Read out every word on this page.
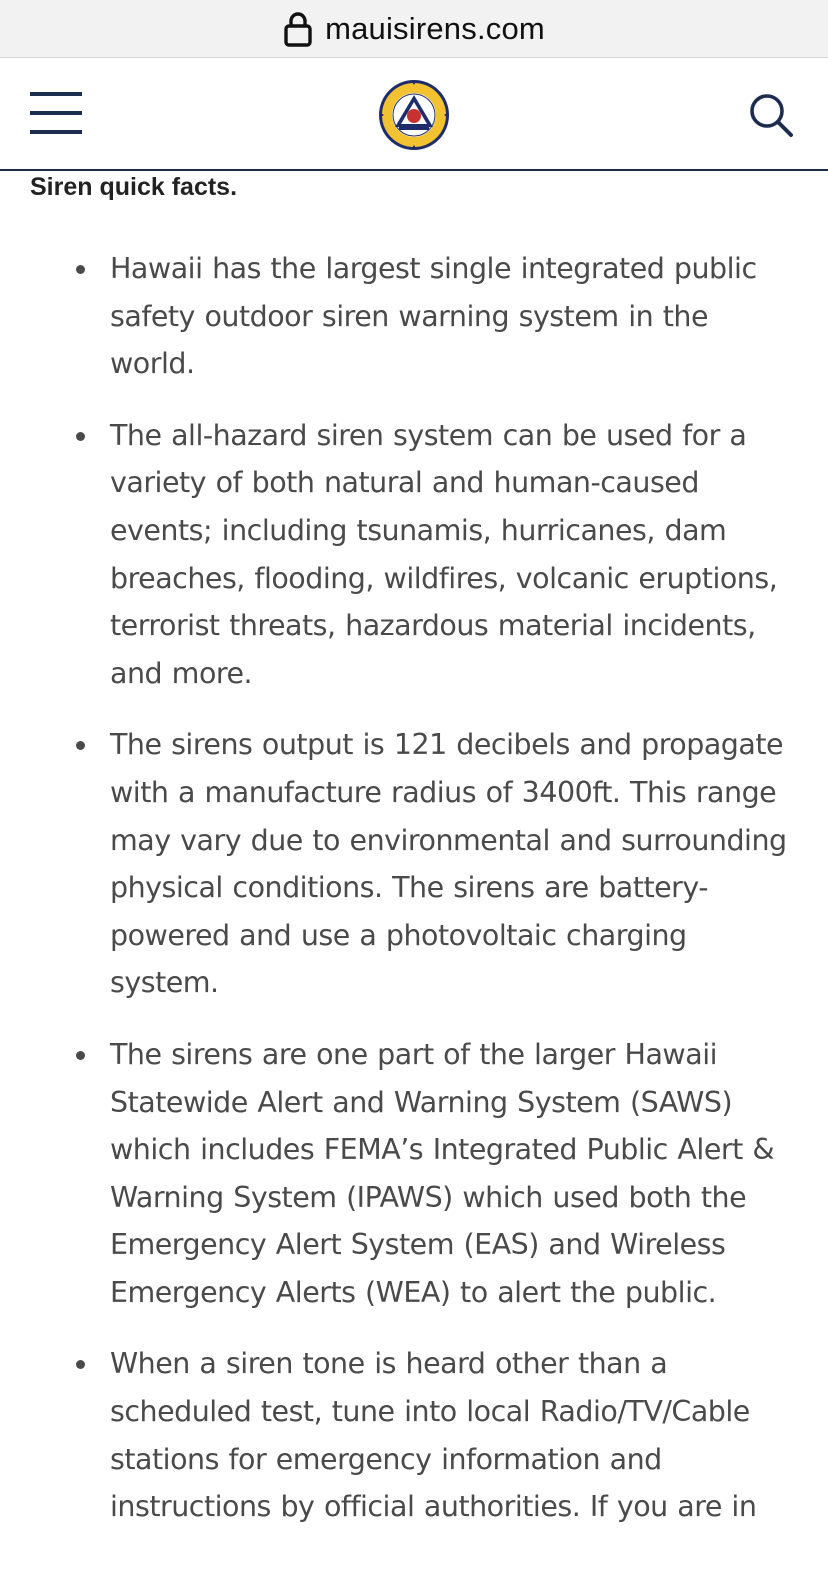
mauisirens.com
Siren quick facts.
Hawaii has the largest single integrated public safety outdoor siren warning system in the world.
The all-hazard siren system can be used for a variety of both natural and human-caused events; including tsunamis, hurricanes, dam breaches, flooding, wildfires, volcanic eruptions, terrorist threats, hazardous material incidents, and more.
The sirens output is 121 decibels and propagate with a manufacture radius of 3400ft. This range may vary due to environmental and surrounding physical conditions. The sirens are battery-powered and use a photovoltaic charging system.
The sirens are one part of the larger Hawaii Statewide Alert and Warning System (SAWS) which includes FEMA’s Integrated Public Alert & Warning System (IPAWS) which used both the Emergency Alert System (EAS) and Wireless Emergency Alerts (WEA) to alert the public.
When a siren tone is heard other than a scheduled test, tune into local Radio/TV/Cable stations for emergency information and instructions by official authorities. If you are in
